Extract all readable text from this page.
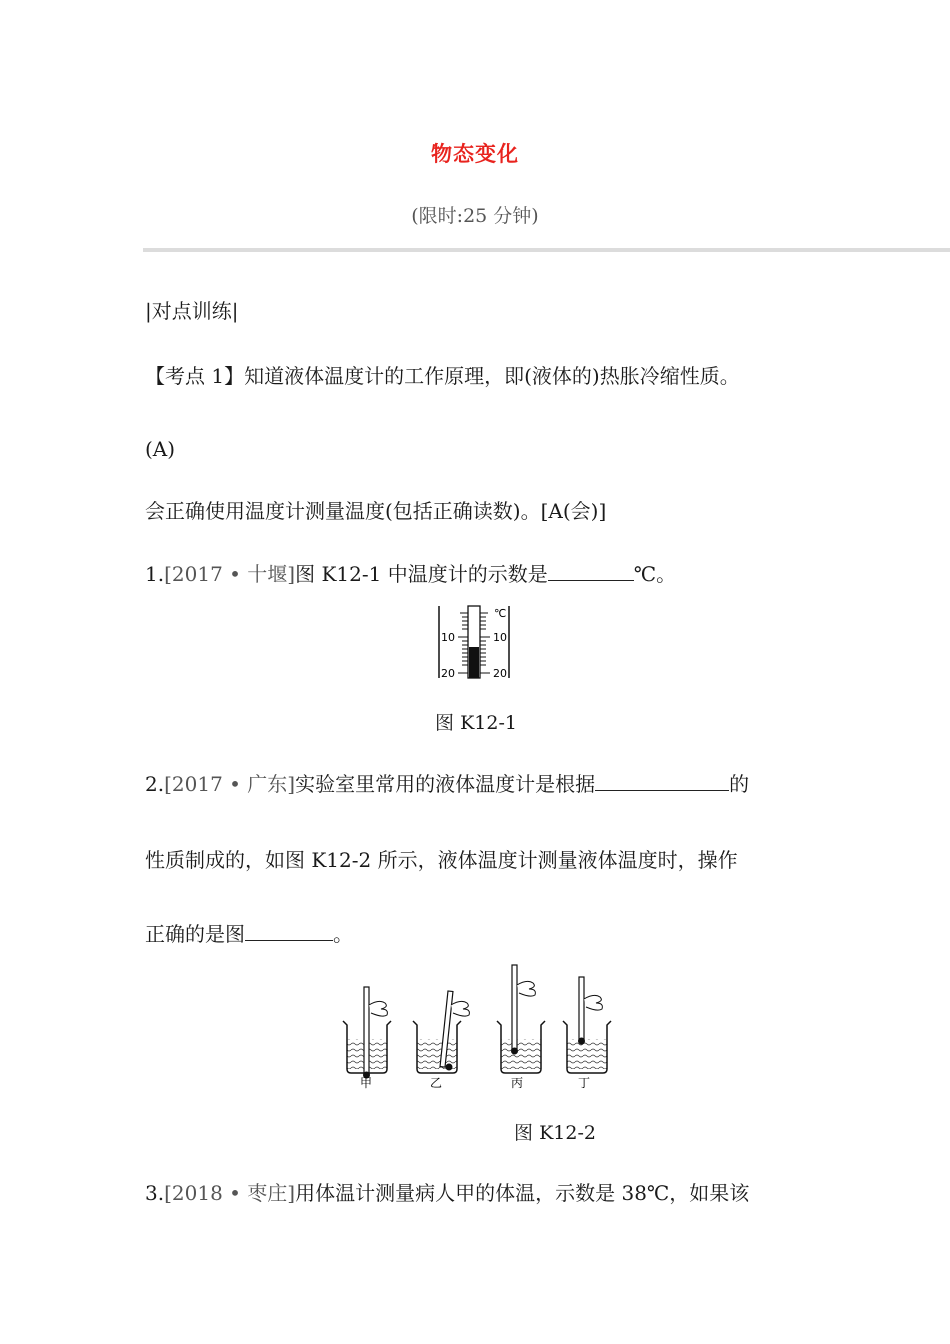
物态变化
(限时:25 分钟)
|对点训练|
【考点 1】知道液体温度计的工作原理，即(液体的)热胀冷缩性质。
(A)
会正确使用温度计测量温度(包括正确读数)。[A(会)]
1.[2017 • 十堰]图 K12-1 中温度计的示数是	℃。
℃
10	10
20	20
图 K12-1
2.[2017 • 广东]实验室里常用的液体温度计是根据	的
性质制成的，如图 K12-2 所示，液体温度计测量液体温度时，操作
正确的是图	。
甲	乙	丙	丁
图 K12-2
3.[2018 • 枣庄]用体温计测量病人甲的体温，示数是 38℃，如果该
